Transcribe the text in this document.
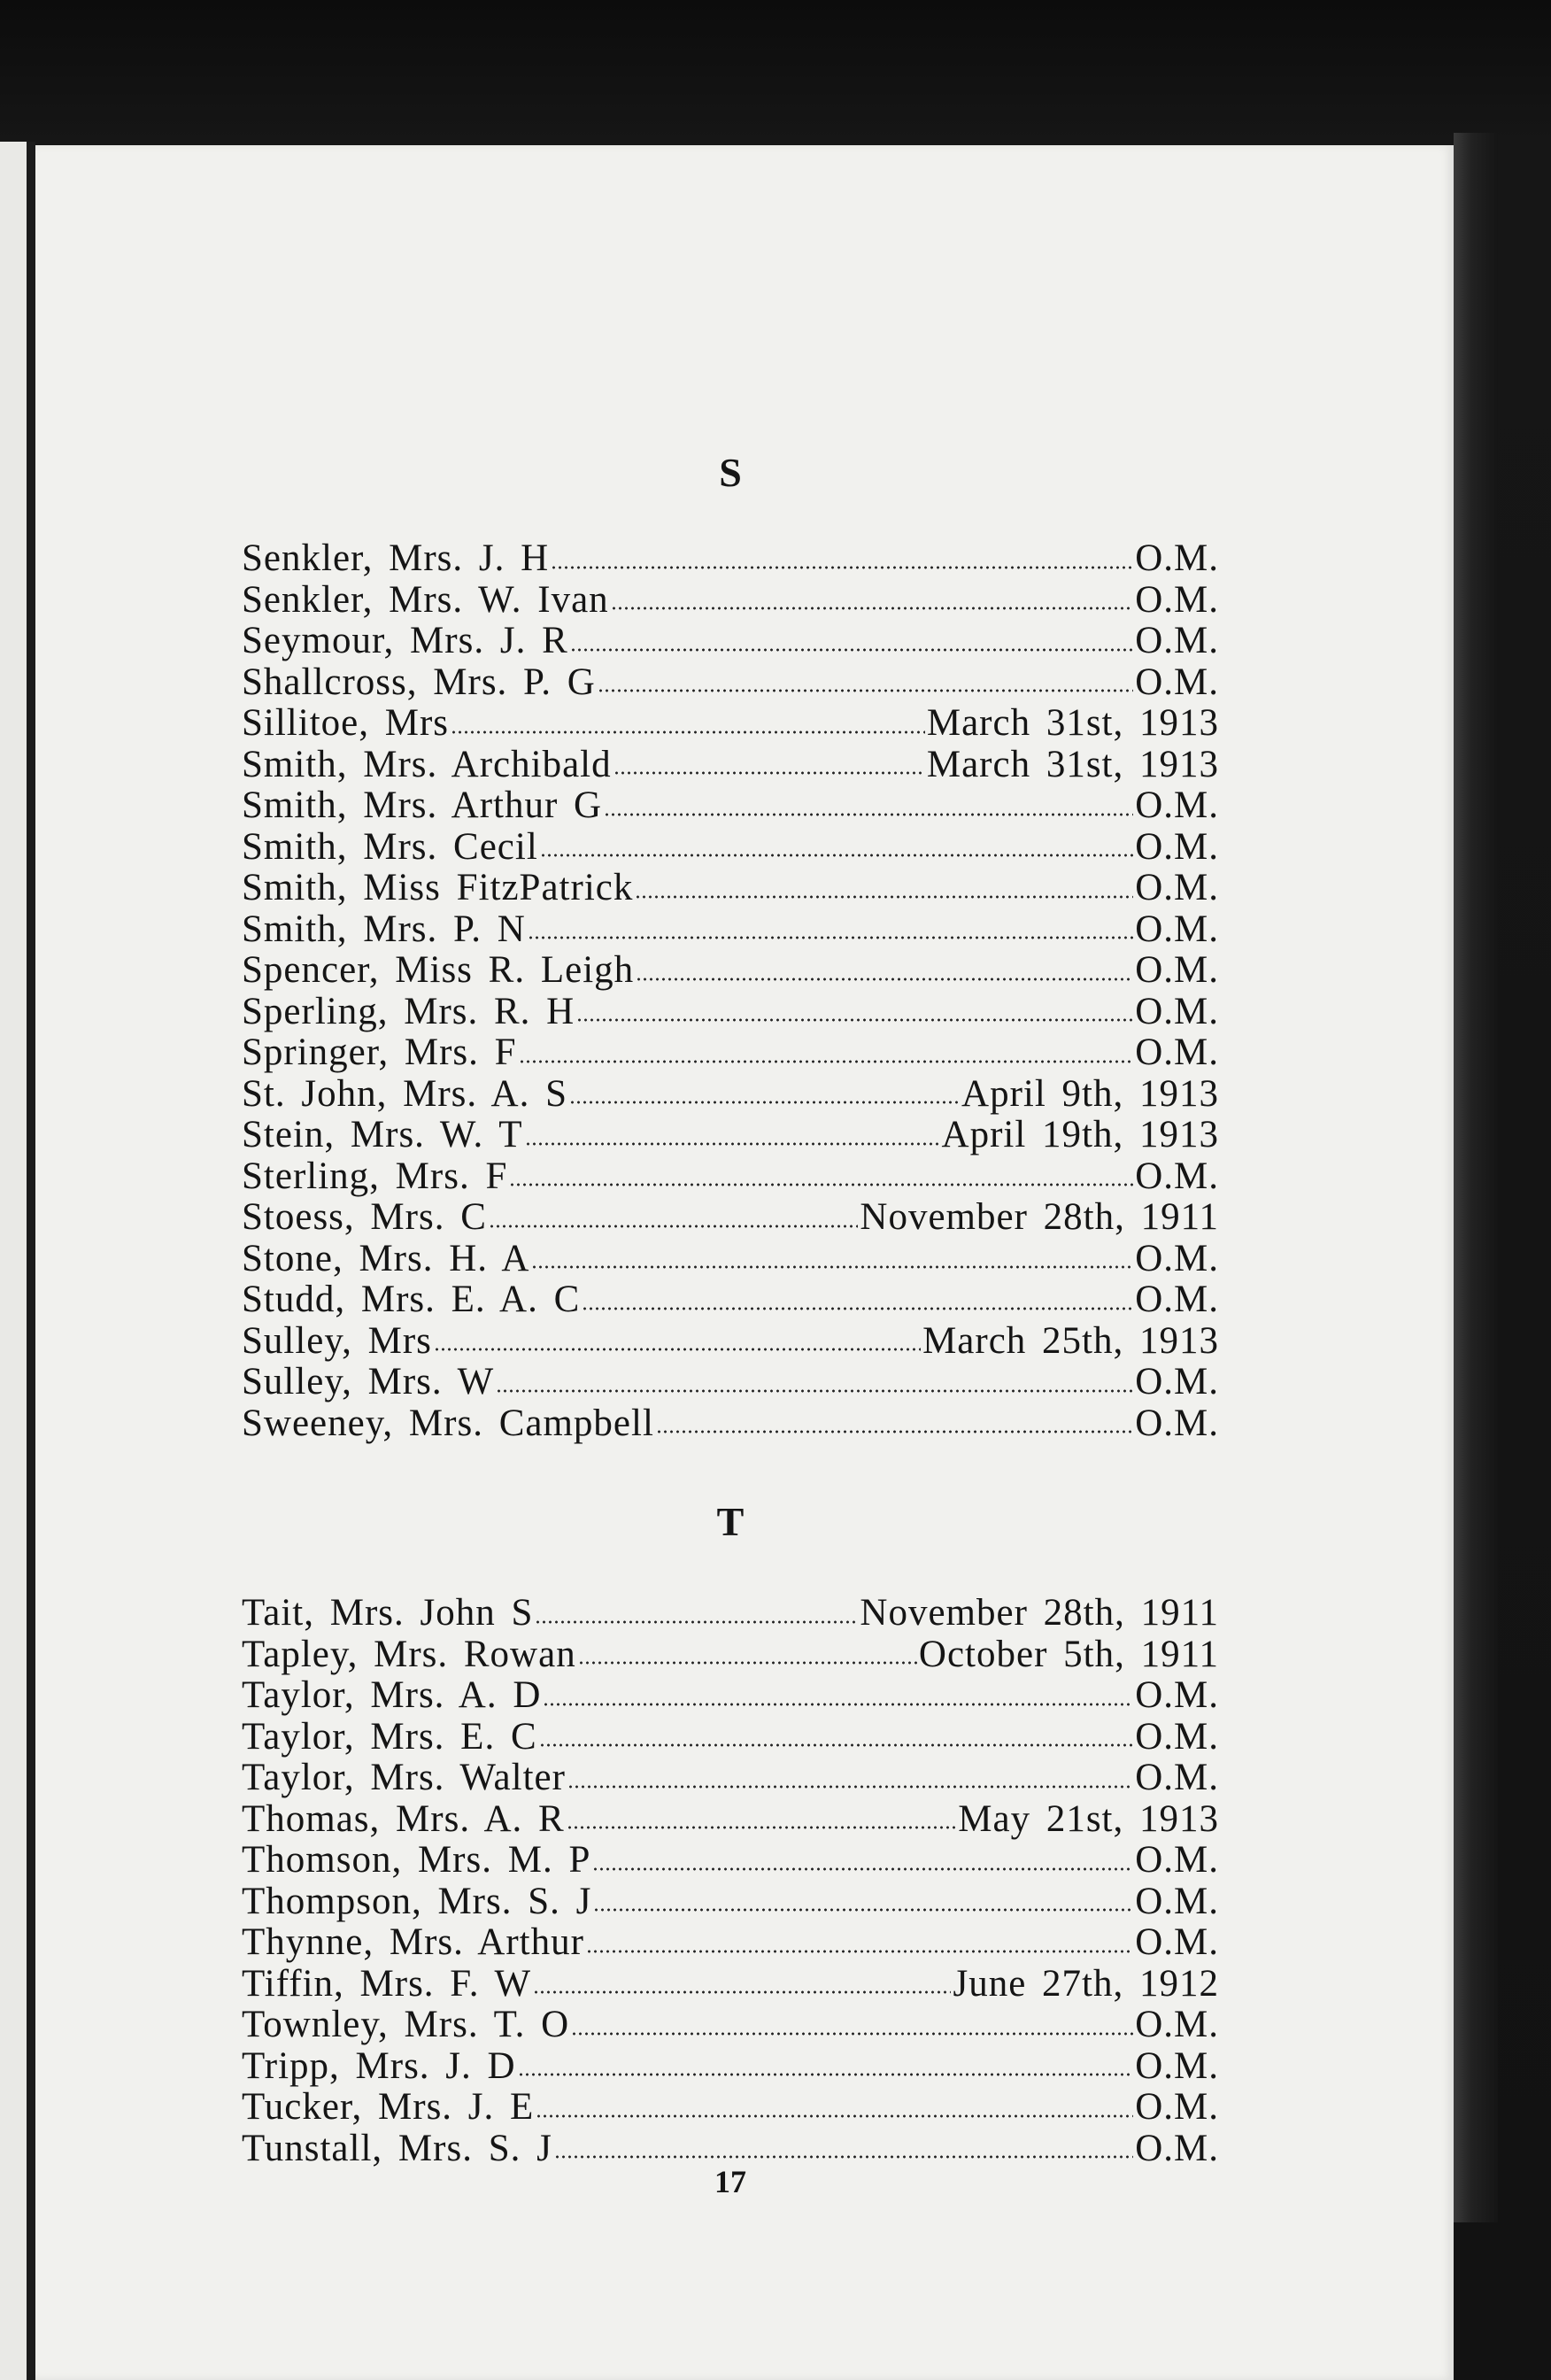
S
Senkler, Mrs. J. H	O.M.
Senkler, Mrs. W. Ivan	O.M.
Seymour, Mrs. J. R	O.M.
Shallcross, Mrs. P. G	O.M.
Sillitoe, Mrs	March 31st, 1913
Smith, Mrs. Archibald	March 31st, 1913
Smith, Mrs. Arthur G	O.M.
Smith, Mrs. Cecil	O.M.
Smith, Miss FitzPatrick	O.M.
Smith, Mrs. P. N	O.M.
Spencer, Miss R. Leigh	O.M.
Sperling, Mrs. R. H	O.M.
Springer, Mrs. F	O.M.
St. John, Mrs. A. S	April 9th, 1913
Stein, Mrs. W. T	April 19th, 1913
Sterling, Mrs. F	O.M.
Stoess, Mrs. C	November 28th, 1911
Stone, Mrs. H. A	O.M.
Studd, Mrs. E. A. C	O.M.
Sulley, Mrs	March 25th, 1913
Sulley, Mrs. W	O.M.
Sweeney, Mrs. Campbell	O.M.
T
Tait, Mrs. John S	November 28th, 1911
Tapley, Mrs. Rowan	October 5th, 1911
Taylor, Mrs. A. D	O.M.
Taylor, Mrs. E. C	O.M.
Taylor, Mrs. Walter	O.M.
Thomas, Mrs. A. R	May 21st, 1913
Thomson, Mrs. M. P	O.M.
Thompson, Mrs. S. J	O.M.
Thynne, Mrs. Arthur	O.M.
Tiffin, Mrs. F. W	June 27th, 1912
Townley, Mrs. T. O	O.M.
Tripp, Mrs. J. D	O.M.
Tucker, Mrs. J. E	O.M.
Tunstall, Mrs. S. J	O.M.
17
